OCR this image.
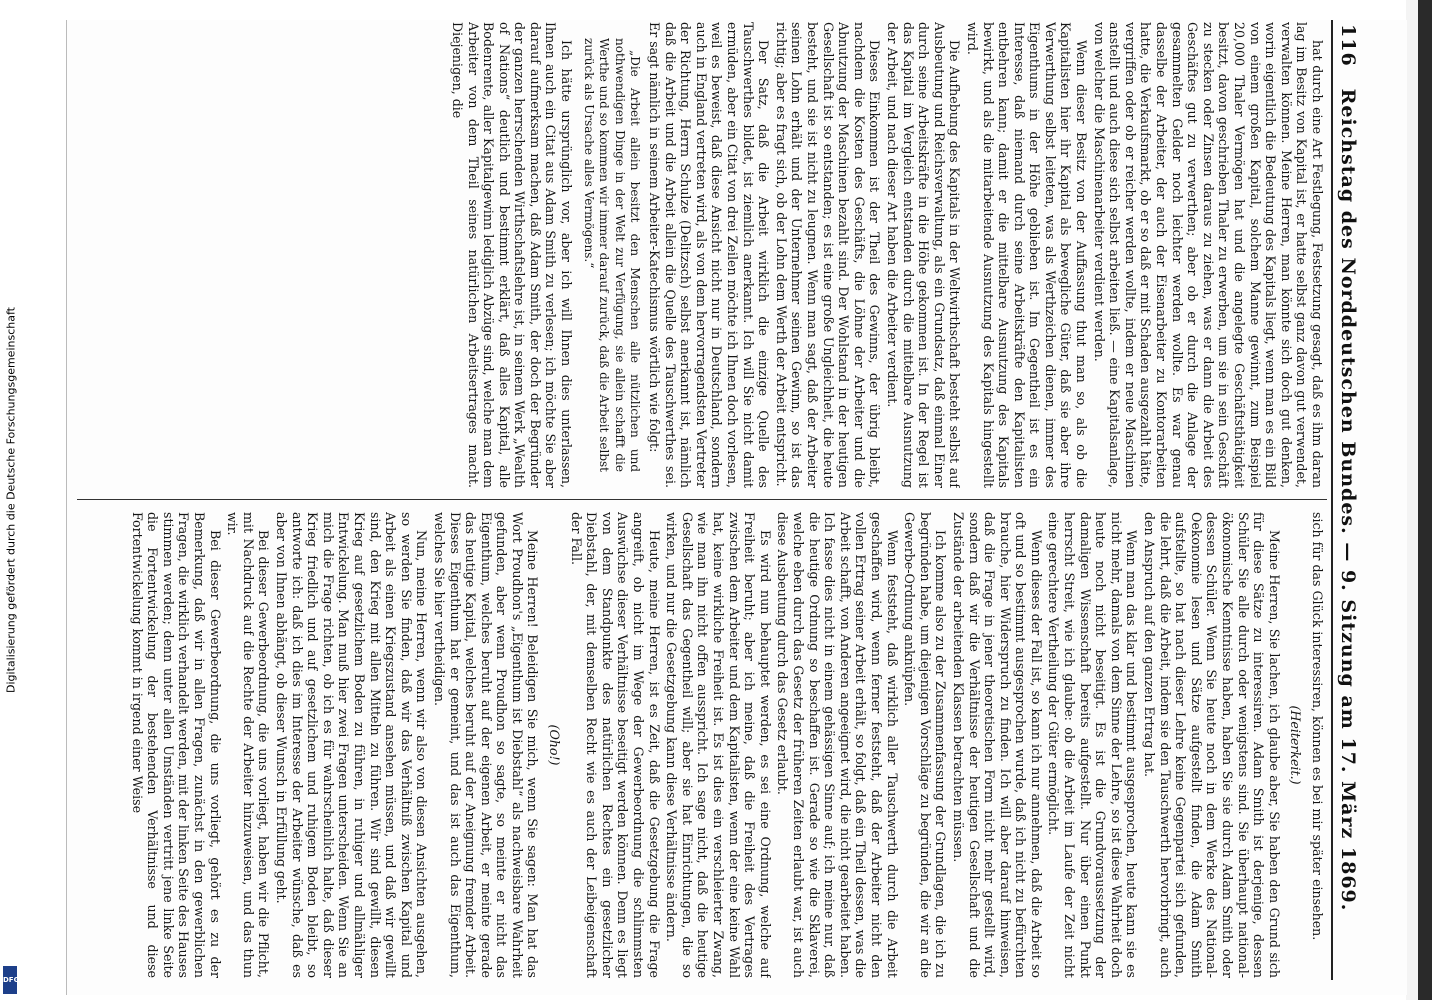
Digitalisierung gefördert durch die Deutsche Forschungsgemeinschaft
DFG
116
Reichstag des Norddeutschen Bundes. — 9. Sitzung am 17. März 1869.

hat durch eine Art Festlegung, Festsetzung gesagt, daß es ihm daran lag im Besitz von Kapital ist, er hatte selbst ganz davon gut verwendet, verwalten können. Meine Herren, man könnte sich doch gut denken, worin eigentlich die Bedeutung des Kapitals liegt, wenn man es ein Bild von einem großen Kapital, solchem Manne gewinnt, zum Beispiel 20,000 Thaler Vermögen hat und die angelegte Geschäftsthätigkeit besitzt, davon geschrieben Thaler zu erwerben, um sie in sein Geschäft zu stecken oder Zinsen daraus zu ziehen, was er dann die Arbeit des Geschäftes gut zu verwerthen; aber ob er durch die Anlage der gesammelten Gelder noch leichter werden wollte. Es war genau dasselbe der Arbeiter, der auch der Eisenarbeiter zu Kontorarbeiten hatte, die Verkaufsmarkt, ob er so daß er mit Schaden ausgezahlt hätte, vergriffen oder ob er reicher werden wollte, indem er neue Maschinen anstellt und auch diese sich selbst arbeiten ließ. — eine Kapitalsanlage, von welcher die Maschinenarbeiter verdient werden.

Wenn dieser Besitz von der Auffassung thut man so, als ob die Kapitalisten hier ihr Kapital als bewegliche Güter, daß sie aber ihre Verwerthung selbst leiteten, was als Werthzeichen dienen, immer des Eigenthums in der Höhe geblieben ist. Im Gegentheil ist es ein Interesse, daß niemand durch seine Arbeitskräfte den Kapitalisten entbehren kann; damit er die mittelbare Ausnutzung des Kapitals bewirkt, und als die mitarbeitende Ausnutzung des Kapitals hingestellt wird.

Die Aufhebung des Kapitals in der Weltwirthschaft besteht selbst auf Ausbeutung und Reichsverwaltung, als ein Grundsatz, daß einmal Einer durch seine Arbeitskräfte in die Höhe gekommen ist. In der Regel ist das Kapital im Vergleich entstanden durch die mittelbare Ausnutzung der Arbeit, und nach dieser Art haben die Arbeiter verdient.

Dieses Einkommen ist der Theil des Gewinns, der übrig bleibt, nachdem die Kosten des Geschäfts, die Löhne der Arbeiter und die Abnutzung der Maschinen bezahlt sind. Der Wohlstand in der heutigen Gesellschaft ist so entstanden; es ist eine große Ungleichheit, die heute besteht, und sie ist nicht zu leugnen. Wenn man sagt, daß der Arbeiter seinen Lohn erhält und der Unternehmer seinen Gewinn, so ist das richtig; aber es fragt sich, ob der Lohn dem Werth der Arbeit entspricht.

Der Satz, daß die Arbeit wirklich die einzige Quelle des Tauschwerthes bildet, ist ziemlich anerkannt. Ich will Sie nicht damit ermüden, aber ein Citat von drei Zeilen möchte ich Ihnen doch vorlesen, weil es beweist, daß diese Ansicht nicht nur in Deutschland, sondern auch in England vertreten wird, als von dem hervorragendsten Vertreter der Richtung, Herrn Schulze (Delitzsch) selbst anerkannt ist, nämlich daß die Arbeit und die Arbeit allein die Quelle des Tauschwerthes sei. Er sagt nämlich in seinem Arbeiter-Katechismus wörtlich wie folgt:

„Die Arbeit allein besitzt den Menschen alle nützlichen und nothwendigen Dinge in der Welt zur Verfügung, sie allein schafft die Werthe und so kommen wir immer darauf zurück, daß die Arbeit selbst zurück als Ursache alles Vermögens.“

Ich hätte ursprünglich vor, aber ich will Ihnen dies unterlassen, Ihnen auch ein Citat aus Adam Smith zu verlesen; ich möchte Sie aber darauf aufmerksam machen, daß Adam Smith, der doch der Begründer der ganzen herrschenden Wirthschaftslehre ist, in seinem Werk „Wealth of Nations“ deutlich und bestimmt erklärt, daß alles Kapital, alle Bodenrente, aller Kapitalgewinn lediglich Abzüge sind, welche man dem Arbeiter von dem Theil seines natürlichen Arbeitsertrages macht. Diejenigen, die

sich für das Glück interessiren, können es bei mir später einsehen.

(Heiterkeit.)

Meine Herren, Sie lachen, ich glaube aber, Sie haben den Grund sich für diese Sätze zu interessiren. Adam Smith ist derjenige, dessen Schüler Sie alle durch oder wenigstens sind. Sie überhaupt national-ökonomische Kenntnisse haben, haben Sie sie durch Adam Smith oder dessen Schüler. Wenn Sie heute noch in dem Werke des National-Oekonomie lesen und Sätze aufgestellt finden, die Adam Smith aufstellte, so hat nach dieser Lehre keine Gegenpartei sich gefunden, die lehrt, daß die Arbeit, indem sie den Tauschwerth hervorbringt, auch den Anspruch auf den ganzen Ertrag hat.

Wenn man das klar und bestimmt ausgesprochen, heute kann sie es nicht mehr, damals von dem Sinne der Lehre, so ist diese Wahrheit doch heute noch nicht beseitigt. Es ist die Grundvoraussetzung der damaligen Wissenschaft bereits aufgestellt. Nur über einen Punkt herrscht Streit, wie ich glaube: ob die Arbeit im Laufe der Zeit nicht eine gerechtere Vertheilung der Güter ermöglicht.

Wenn dieses der Fall ist, so kann ich nur annehmen, daß die Arbeit so oft und so bestimmt ausgesprochen wurde, daß ich nicht zu befürchten brauche, hier Widerspruch zu finden. Ich will aber darauf hinweisen, daß die Frage in jener theoretischen Form nicht mehr gestellt wird, sondern daß wir die Verhältnisse der heutigen Gesellschaft und die Zustände der arbeitenden Klassen betrachten müssen.

Ich komme also zu der Zusammenfassung der Grundlagen, die ich zu begründen habe, um diejenigen Vorschläge zu begründen, die wir an die Gewerbe-Ordnung anknüpfen.

Wenn feststeht, daß wirklich aller Tauschwerth durch die Arbeit geschaffen wird, wenn ferner feststeht, daß der Arbeiter nicht den vollen Ertrag seiner Arbeit erhält, so folgt, daß ein Theil dessen, was die Arbeit schafft, von Anderen angeeignet wird, die nicht gearbeitet haben. Ich fasse dies nicht in einem gehässigen Sinne auf; ich meine nur, daß die heutige Ordnung so beschaffen ist. Gerade so wie die Sklaverei, welche eben durch das Gesetz der früheren Zeiten erlaubt war, ist auch diese Ausbeutung durch das Gesetz erlaubt.

Es wird nun behauptet werden, es sei eine Ordnung, welche auf Freiheit beruht; aber ich meine, daß die Freiheit des Vertrages zwischen dem Arbeiter und dem Kapitalisten, wenn der eine keine Wahl hat, keine wirkliche Freiheit ist. Es ist dies ein verschleierter Zwang, wie man ihn nicht offen ausspricht. Ich sage nicht, daß die heutige Gesellschaft das Gegentheil will; aber sie hat Einrichtungen, die so wirken, und nur die Gesetzgebung kann diese Verhältnisse ändern.

Heute, meine Herren, ist es Zeit, daß die Gesetzgebung die Frage angreift, ob nicht im Wege der Gewerbeordnung die schlimmsten Auswüchse dieser Verhältnisse beseitigt werden können. Denn es liegt von dem Standpunkte des natürlichen Rechtes ein gesetzlicher Diebstahl, der, mit demselben Recht wie es auch der Leibeigenschaft der Fall.

(Oho!)

Meine Herren! Beleidigen Sie mich, wenn Sie sagen: Man hat das Wort Proudhon's „Eigenthum ist Diebstahl“ als nachweisbare Wahrheit gefunden, aber wenn Proudhon so sagte, so meinte er nicht das Eigenthum, welches beruht auf der eigenen Arbeit, er meinte gerade das heutige Kapital, welches beruht auf der Aneignung fremder Arbeit. Dieses Eigenthum hat er gemeint, und das ist auch das Eigenthum, welches Sie hier vertheidigen.

Nun, meine Herren, wenn wir also von diesen Ansichten ausgehen, so werden Sie finden, daß wir das Verhältniß zwischen Kapital und Arbeit als einen Kriegszustand ansehen müssen, und daß wir gewillt sind, den Krieg mit allen Mitteln zu führen. Wir sind gewillt, diesen Krieg auf gesetzlichem Boden zu führen, in ruhiger und allmähliger Entwickelung. Man muß hier zwei Fragen unterscheiden. Wenn Sie an mich die Frage richten, ob ich es für wahrscheinlich halte, daß dieser Krieg friedlich und auf gesetzlichem und ruhigem Boden bleibt, so antworte ich: daß ich dies im Interesse der Arbeiter wünsche, daß es aber von Ihnen abhängt, ob dieser Wunsch in Erfüllung geht.

Bei dieser Gewerbeordnung, die uns vorliegt, haben wir die Pflicht, mit Nachdruck auf die Rechte der Arbeiter hinzuweisen, und das thun wir.

Bei dieser Gewerbeordnung, die uns vorliegt, gehört es zu der Bemerkung, daß wir in allen Fragen, zunächst in den gewerblichen Fragen, die wirklich verhandelt werden, mit der linken Seite des Hauses stimmen werden; denn unter allen Umständen vertritt jene linke Seite die Fortentwickelung der bestehenden Verhältnisse und diese Fortentwickelung kommt in irgend einer Weise
